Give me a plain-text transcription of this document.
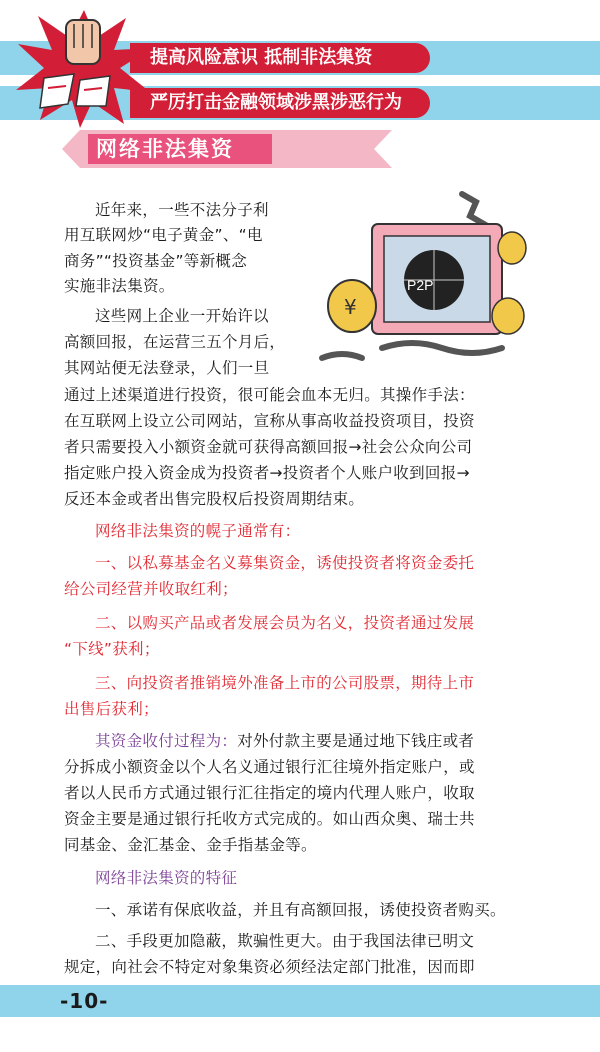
提高风险意识 抵制非法集资
严厉打击金融领域涉黑涉恶行为
网络非法集资
P2P
¥

近年来，一些不法分子利

用互联网炒“电子黄金”、“电

商务”“投资基金”等新概念

实施非法集资。

这些网上企业一开始许以

高额回报，在运营三五个月后，

其网站便无法登录，人们一旦

通过上述渠道进行投资，很可能会血本无归。其操作手法：

在互联网上设立公司网站，宣称从事高收益投资项目，投资

者只需要投入小额资金就可获得高额回报→社会公众向公司

指定账户投入资金成为投资者→投资者个人账户收到回报→

反还本金或者出售完股权后投资周期结束。

网络非法集资的幌子通常有：

一、以私募基金名义募集资金，诱使投资者将资金委托

给公司经营并收取红利；

二、以购买产品或者发展会员为名义，投资者通过发展

“下线”获利；

三、向投资者推销境外准备上市的公司股票，期待上市

出售后获利；

其资金收付过程为：对外付款主要是通过地下钱庄或者

分拆成小额资金以个人名义通过银行汇往境外指定账户，或

者以人民币方式通过银行汇往指定的境内代理人账户，收取

资金主要是通过银行托收方式完成的。如山西众奥、瑞士共

同基金、金汇基金、金手指基金等。

网络非法集资的特征

一、承诺有保底收益，并且有高额回报，诱使投资者购买。

二、手段更加隐蔽，欺骗性更大。由于我国法律已明文

规定，向社会不特定对象集资必须经法定部门批准，因而即

-10-
